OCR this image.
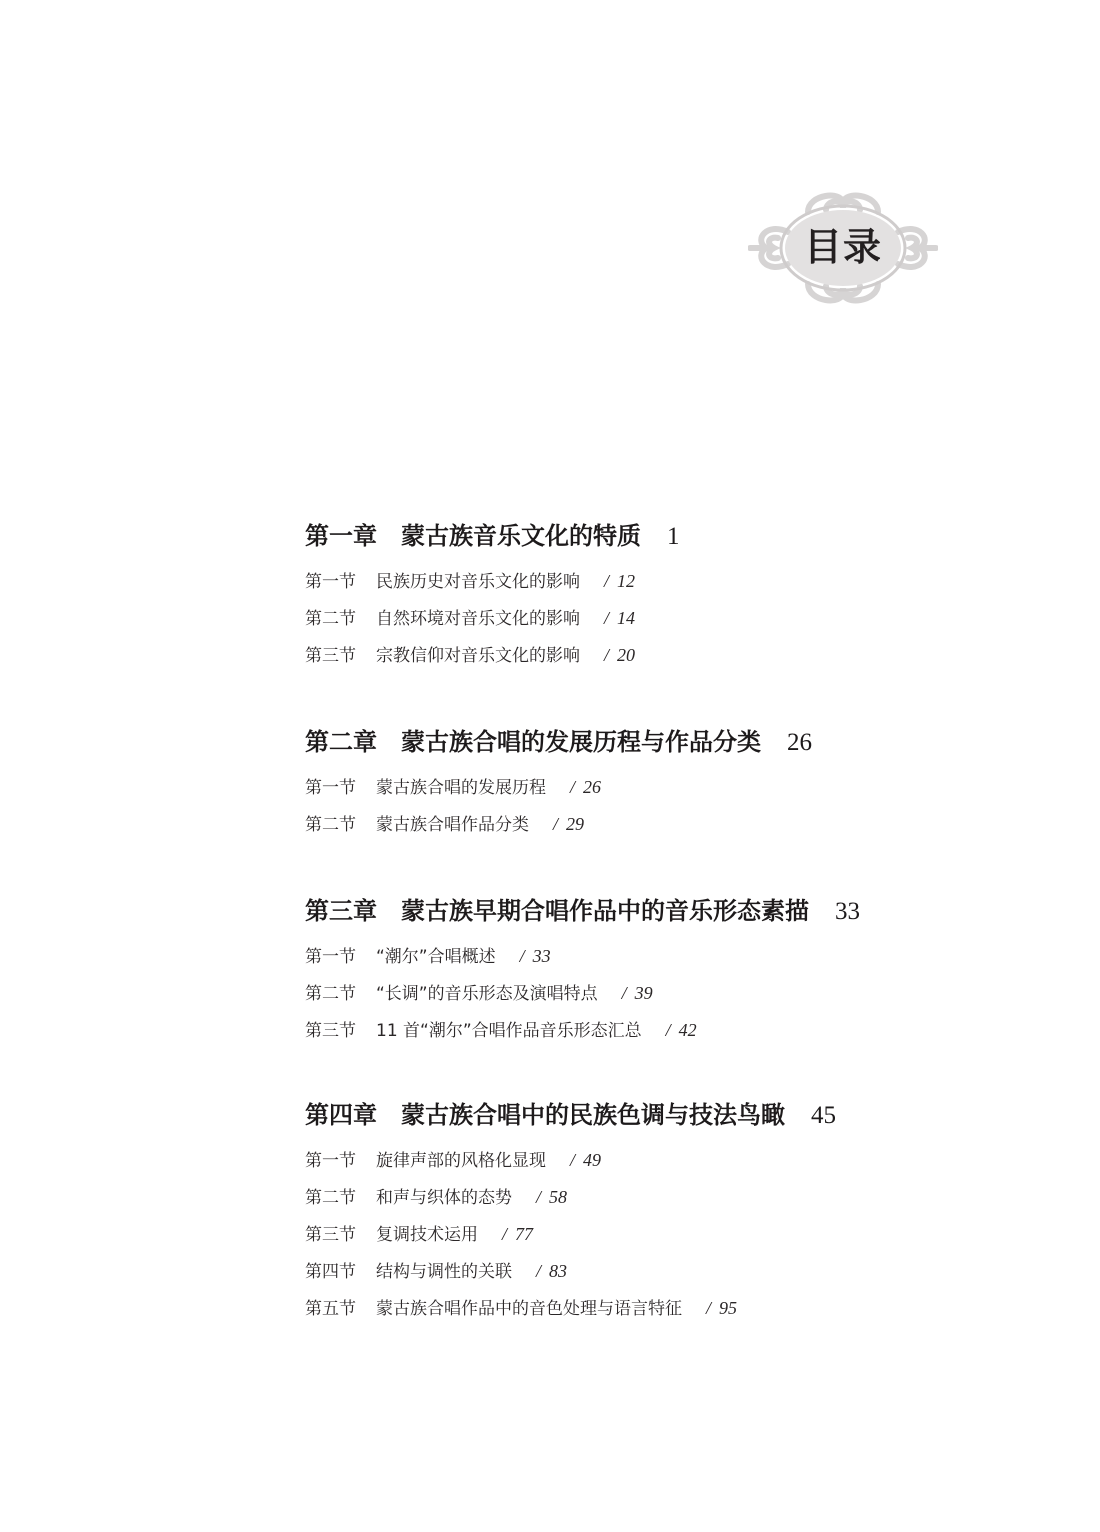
目录
第一章 蒙古族音乐文化的特质 1
第一节 民族历史对音乐文化的影响 / 12
第二节 自然环境对音乐文化的影响 / 14
第三节 宗教信仰对音乐文化的影响 / 20
第二章 蒙古族合唱的发展历程与作品分类 26
第一节 蒙古族合唱的发展历程 / 26
第二节 蒙古族合唱作品分类 / 29
第三章 蒙古族早期合唱作品中的音乐形态素描 33
第一节 “潮尔”合唱概述 / 33
第二节 “长调”的音乐形态及演唱特点 / 39
第三节 11 首“潮尔”合唱作品音乐形态汇总 / 42
第四章 蒙古族合唱中的民族色调与技法鸟瞰 45
第一节 旋律声部的风格化显现 / 49
第二节 和声与织体的态势 / 58
第三节 复调技术运用 / 77
第四节 结构与调性的关联 / 83
第五节 蒙古族合唱作品中的音色处理与语言特征 / 95
